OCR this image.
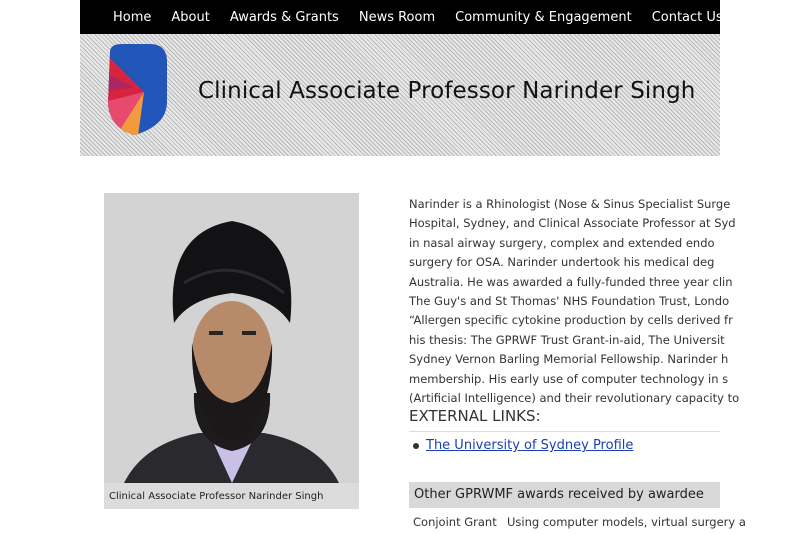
Home About Awards & Grants News Room Community & Engagement Contact Us Resources
Clinical Associate Professor Narinder Singh
Clinical Associate Professor Narinder Singh
Narinder is a Rhinologist (Nose & Sinus Specialist Surge
Hospital, Sydney, and Clinical Associate Professor at Syd
in nasal airway surgery, complex and extended endo
surgery for OSA. Narinder undertook his medical deg
Australia. He was awarded a fully-funded three year clin
The Guy's and St Thomas' NHS Foundation Trust, Londo
“Allergen specific cytokine production by cells derived fr
his thesis: The GPRWF Trust Grant-in-aid, The Universit
Sydney Vernon Barling Memorial Fellowship. Narinder h
membership. His early use of computer technology in s
(Artificial Intelligence) and their revolutionary capacity to
EXTERNAL LINKS:
The University of Sydney Profile
Other GPRWMF awards received by awardee
Conjoint Grant Using computer models, virtual surgery a
